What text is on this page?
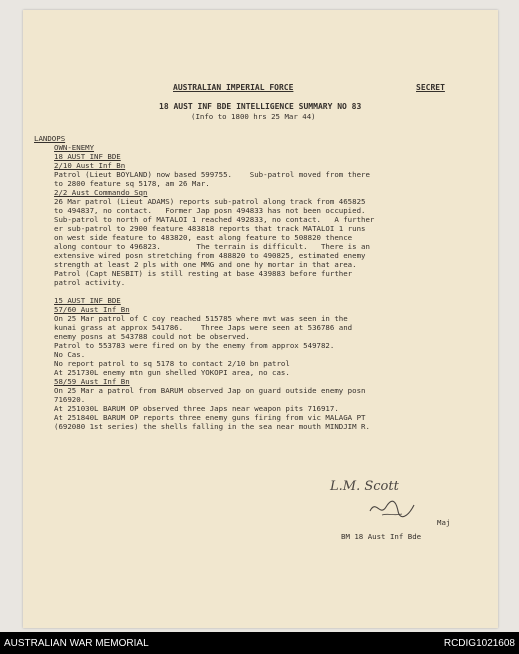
AUSTRALIAN IMPERIAL FORCE	SECRET
18 AUST INF BDE INTELLIGENCE SUMMARY NO 83
(Info to 1800 hrs 25 Mar 44)
LANDOPS
OWN-ENEMY
18 AUST INF BDE
2/10 Aust Inf Bn
Patrol (Lieut BOYLAND) now based 599755.    Sub-patrol moved from there
to 2800 feature sq 5178, am 26 Mar.
2/2 Aust Commando Sqn
26 Mar patrol (Lieut ADAMS) reports sub-patrol along track from 465825
to 494837, no contact.   Former Jap posn 494833 has not been occupied.
Sub-patrol to north of MATALOI 1 reached 492833, no contact.   A further
er sub-patrol to 2900 feature 483818 reports that track MATALOI 1 runs
on west side feature to 483820, east along feature to 508820 thence
along contour to 496823.        The terrain is difficult.   There is an
extensive wired posn stretching from 488820 to 490825, estimated enemy
strength at least 2 pls with one MMG and one hy mortar in that area.
Patrol (Capt NESBIT) is still resting at base 439883 before further
patrol activity.
15 AUST INF BDE
57/60 Aust Inf Bn
On 25 Mar patrol of C coy reached 515785 where mvt was seen in the
kunai grass at approx 541786.    Three Japs were seen at 536786 and
enemy posns at 543788 could not be observed.
Patrol to 553783 were fired on by the enemy from approx 549782.
No Cas.
No report patrol to sq 5178 to contact 2/10 bn patrol
At 251730L enemy mtn gun shelled YOKOPI area, no cas.
58/59 Aust Inf Bn
On 25 Mar a patrol from BARUM observed Jap on guard outside enemy posn
716920.
At 251030L BARUM OP observed three Japs near weapon pits 716917.
At 251840L BARUM OP reports three enemy guns firing from vic MALAGA PT
(692080 1st series) the shells falling in the sea near mouth MINDJIM R.
L.M. Scott
Maj
BM 18 Aust Inf Bde
AUSTRALIAN WAR MEMORIAL	RCDIG1021608
